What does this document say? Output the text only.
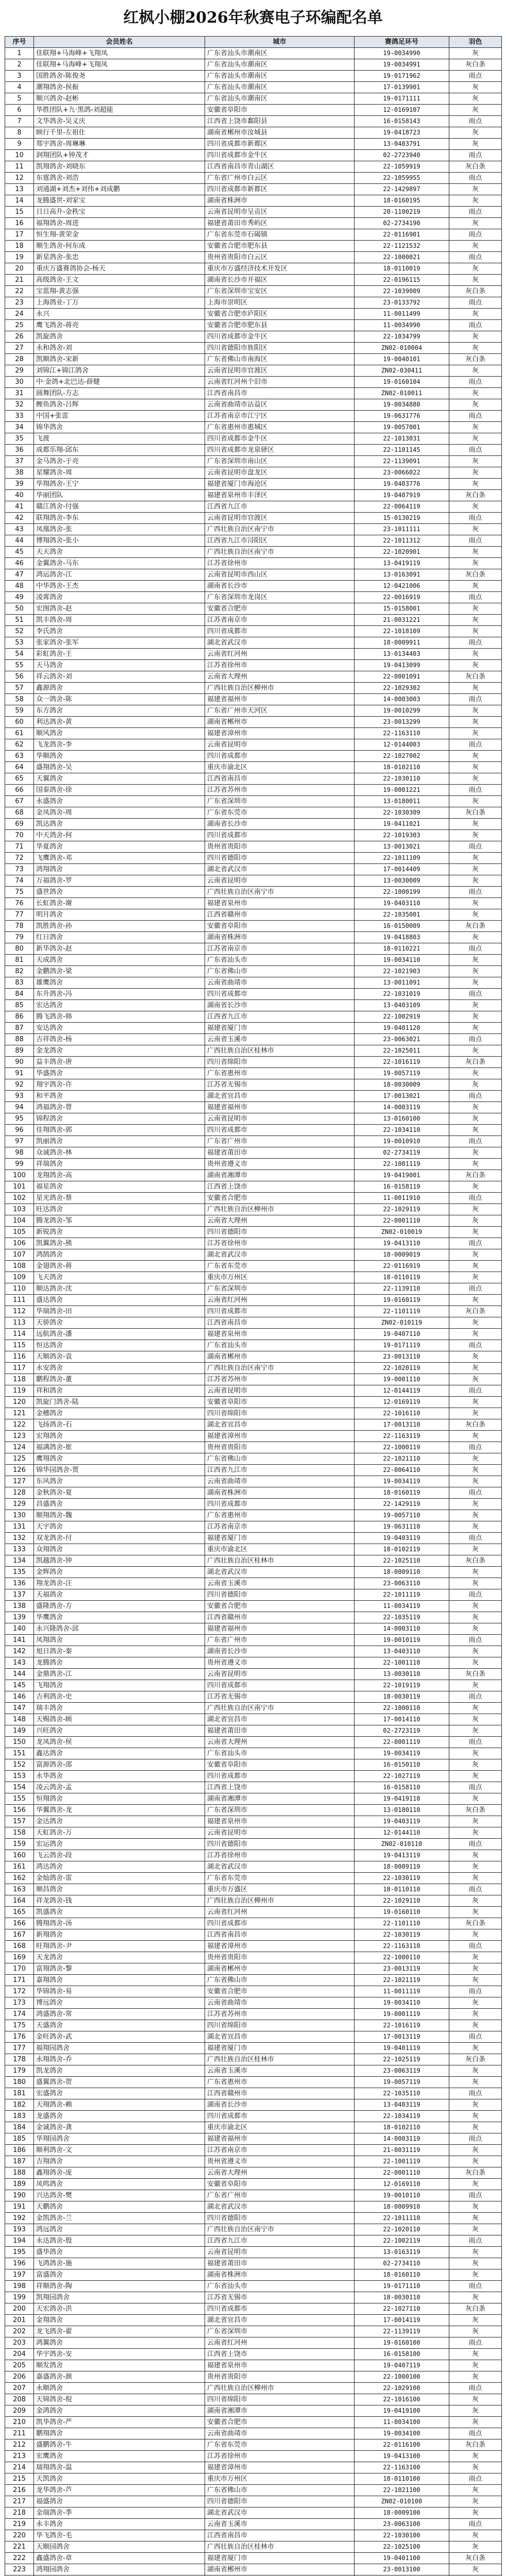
红枫小棚2026年秋赛电子环编配名单
序号	会员姓名	城市	赛鸽足环号	羽色
1	佳联翔+马海峰+飞翔凤	广东省汕头市潮南区	19-0034990	灰
2	佳联翔+马海峰+飞翔凤	广东省汕头市潮南区	19-0034991	灰白条
3	国胜鸽舍-陈俊尧	广东省汕头市潮南区	19-0171962	雨点
4	潮翔鸽舍-侯振	广东省汕头市潮南区	17-0139901	灰
5	顺兴鸽舍-赵彬	广东省汕头市潮南区	19-0171111	灰
6	华胜团队+九·黑鸽-刘超能	安徽省阜阳市	12-0169107	灰
7	文华鸽舍-吴义庆	江西省上饶市鄱阳县	16-0158143	雨点
8	顾行千里-左祖仕	湖南省郴州市汝城县	19-0418723	灰
9	郑宇鸽舍-周琳琳	四川省成都市新都区	13-0403791	灰
10	润翔团队+钟茂才	四川省成都市金牛区	02-2723940	雨点
11	凯翔鸽舍-刘晓东	江西省南昌市青山湖区	22-1059919	灰白条
12	东霆鸽舍-刘浩	广东省广州市白云区	22-1059955	雨点
13	刘通湖+刘杰+刘伟+刘成鹏	四川省成都市新都区	22-1429897	灰
14	龙腾盛世-刘家宝	湖南省株洲市	18-0160195	灰
15	日日高升-金秩宝	云南省昆明市呈贡区	20-1100219	雨点
16	福翔鸽舍-周进	福建省莆田市秀屿区	02-2734190	灰
17	恒生翔-黄荣金	广东省东莞市石碣镇	22-0116901	雨点
18	顺生鸽舍-何东成	安徽省合肥市肥东县	22-1121532	灰
19	新星鸽舍-张忠	贵州省贵阳市白云区	22-1000021	雨点
20	重庆万盛赛鸽协会-杨天	重庆市万盛经济技术开发区	18-0110019	灰
21	高级鸽舍-王文	湖南省长沙市开福区	22-0196115	灰
22	宝蓝翔-黄志强	广东省深圳市宝安区	22-1039009	灰白条
23	上海鸽业-丁万	上海市崇明区	23-0133792	雨点
24	永兴	安徽省合肥市庐阳区	11-0011499	灰
25	鹰飞鸽舍-蒋亮	安徽省合肥市肥东县	11-0034990	雨点
26	凯旋鸽舍	四川省成都市金牛区	22-1034799	灰
27	永和鸽舍-刘	四川省德阳市旌阳区	ZN02-010004	灰
28	凯顺鸽舍-宋新	广东省佛山市南海区	19-0040101	灰白条
29	刘锦江+锦江鸽舍	云南省昆明市官渡区	ZN02-030411	灰
30	中·金鸽+北巴达-薛健	云南省红河州个旧市	19-0160104	雨点
31	圆舞团队-方志	江西省南昌市	ZN02-010011	灰
32	鲤鱼鸽舍-吕辉	云南省曲靖市沾益区	19-0034880	灰
33	中国+张雷	江苏省南京市江宁区	19-0631776	雨点
34	锦华鸽舍	广东省惠州市惠城区	19-0057001	灰
35	飞渡	四川省成都市金牛区	22-1013031	灰
36	成都乐翔-邱东	四川省成都市龙泉驿区	22-1101145	雨点
37	金马鸽舍-于亮	广东省深圳市南山区	22-1139091	灰
38	星耀鸽舍-周	云南省昆明市盘龙区	23-0066022	灰
39	华翔鸽舍-王宁	福建省厦门市海沧区	19-0403776	灰
40	华丽团队	福建省泉州市丰泽区	19-0407919	灰白条
41	赣江鸽舍-付强	江西省九江市	22-0064119	灰
42	联翔鸽舍-李东	云南省昆明市官渡区	15-0130219	雨点
43	凤凰鸽舍-张	广西壮族自治区南宁市	23-1011111	灰
44	博翔鸽舍-张小	江西省九江市浔阳区	22-1011312	雨点
45	天天鸽舍	广西壮族自治区南宁市	22-1020901	灰
46	金翼鸽舍-马东	江苏省徐州市	13-0419119	灰
47	鸿运鸽舍-江	云南省昆明市西山区	13-0163091	灰白条
48	中华鸽舍-王杰	湖南省长沙市	12-0421006	灰
49	凌霄鸽舍	广东省深圳市龙岗区	22-0016919	雨点
50	宏图鸽舍-赵	安徽省合肥市	15-0158001	灰
51	凯丰鸽舍-周	江苏省南京市	21-0031221	灰
52	李氏鸽舍	四川省成都市	22-1018109	灰
53	张家鸽舍-张军	湖北省武汉市	18-0009911	雨点
54	彩虹鸽舍-王	云南省红河州	13-0134403	灰
55	天马鸽舍	江苏省徐州市	19-0413099	灰
56	祥云鸽舍-刘	云南省大理州	22-0001091	灰白条
57	鑫源鸽舍	广西壮族自治区柳州市	22-1029302	灰
58	众一鸽舍-陈	福建省福州市	14-0003003	雨点
59	东方鸽舍	广东省广州市天河区	19-0010299	灰
60	利达鸽舍-黄	湖南省郴州市	23-0013299	灰
61	顺风鸽舍	福建省漳州市	22-1163110	灰
62	飞龙鸽舍-李	云南省昆明市	12-0144003	雨点
63	华顺鸽舍	四川省成都市	22-1027002	灰
64	盛翔鸽舍-吴	重庆市渝北区	18-0102110	灰
65	天翼鸽舍	江西省南昌市	22-1030110	灰
66	国泰鸽舍-徐	江苏省苏州市	19-0001221	雨点
67	永盛鸽舍	广东省深圳市	13-0180011	灰
68	金凤鸽舍-周	广东省东莞市	22-1030309	灰白条
69	凯达鸽舍	湖南省长沙市	19-0411021	灰
70	中天鸽舍-何	四川省成都市	22-1019303	灰
71	华夏鸽舍	贵州省贵阳市	13-0013021	雨点
72	飞鹰鸽舍-邓	四川省德阳市	22-1011109	灰
73	鸿翔鸽舍	湖北省武汉市	17-0014409	灰
74	万福鸽舍-罗	云南省昆明市	13-0030009	灰
75	盛世鸽舍	广西壮族自治区南宁市	22-1000199	雨点
76	长虹鸽舍-谢	福建省泉州市	19-0403110	灰
77	明月鸽舍	江西省赣州市	22-1035001	灰
78	凯胜鸽舍-孙	安徽省阜阳市	16-0150009	灰白条
79	红日鸽舍	湖南省株洲市	19-0418803	灰
80	新华鸽舍-赵	江苏省南京市	18-0110221	雨点
81	天成鸽舍	广东省汕头市	19-0034110	灰
82	金鹏鸽舍-梁	广东省佛山市	22-1021903	灰
83	雄鹰鸽舍	云南省曲靖市	13-0011091	灰
84	东升鸽舍-冯	四川省成都市	22-1031019	雨点
85	宏达鸽舍	湖南省长沙市	13-0403109	灰
86	腾飞鸽舍-韩	江西省九江市	22-1002919	灰
87	安达鸽舍	福建省厦门市	19-0401120	灰
88	吉祥鸽舍-杨	云南省玉溪市	23-0063021	雨点
89	金龙鸽舍	广西壮族自治区桂林市	22-1025011	灰
90	益丰鸽舍-唐	四川省绵阳市	22-1016119	灰白条
91	华盛鸽舍	广东省惠州市	19-0057119	灰
92	翔宇鸽舍-许	江苏省无锡市	18-0030009	灰
93	和平鸽舍	湖北省宜昌市	17-0013021	雨点
94	鸿福鸽舍-曾	福建省福州市	14-0003119	灰
95	锦程鸽舍	云南省昆明市	13-0160100	灰
96	佳翔鸽舍-郭	四川省成都市	22-1034110	灰
97	凯丽鸽舍	广东省广州市	19-0010910	雨点
98	众诚鸽舍-林	福建省莆田市	02-2734119	灰
99	祥瑞鸽舍	贵州省遵义市	22-1001119	灰
100	龙翔鸽舍-高	湖南省湘潭市	19-0419001	灰白条
101	福星鸽舍	江西省上饶市	16-0158119	灰
102	星光鸽舍-蔡	安徽省合肥市	11-0011910	雨点
103	旺达鸽舍	广西壮族自治区柳州市	22-1029119	灰
104	腾龙鸽舍-邹	云南省大理州	22-0001110	灰
105	新锐鸽舍	四川省德阳市	ZN02-010019	灰
106	凯翼鸽舍-熊	江苏省徐州市	19-0413110	雨点
107	鸿鹄鸽舍	湖北省武汉市	18-0009019	灰
108	金翅鸽舍-蒋	广东省东莞市	22-0116919	灰
109	飞天鸽舍	重庆市万州区	18-0110119	灰
110	顺达鸽舍-沈	广东省深圳市	22-1139110	雨点
111	盛达鸽舍	云南省红河州	19-0160119	灰
112	华瑞鸽舍-田	四川省成都市	22-1101119	灰白条
113	天骄鸽舍	江西省南昌市	ZN02-010119	灰
114	远航鸽舍-潘	福建省泉州市	19-0407110	灰
115	恒达鸽舍	广东省汕头市	19-0171119	雨点
116	天顺鸽舍-袁	湖南省郴州市	23-0013110	灰
117	永安鸽舍	广西壮族自治区南宁市	22-1020119	灰
118	鹏程鸽舍-董	江苏省苏州市	19-0001110	灰
119	祥和鸽舍	云南省昆明市	12-0144119	雨点
120	凯旋门鸽舍-陆	安徽省阜阳市	12-0169119	灰
121	金穗鸽舍	四川省绵阳市	22-1016110	灰
122	飞扬鸽舍-石	湖北省宜昌市	17-0013110	灰白条
123	宏翔鸽舍	福建省漳州市	22-1163119	灰
124	福满鸽舍-崔	贵州省贵阳市	22-1000119	雨点
125	鹰翔鸽舍	广东省佛山市	22-1021110	灰
126	锦华园鸽舍-贾	江西省九江市	22-0064110	灰
127	东风鸽舍	云南省曲靖市	19-0034119	灰
128	金秋鸽舍-夏	湖南省株洲市	18-0160119	雨点
129	昌盛鸽舍	四川省成都市	22-1429119	灰
130	顺翔鸽舍-魏	广东省惠州市	19-0057110	灰
131	天宇鸽舍	江苏省南京市	19-0631110	灰
132	双龙鸽舍-付	福建省厦门市	19-0403119	雨点
133	众翔鸽舍	重庆市渝北区	18-0102119	灰
134	凯越鸽舍-钟	广西壮族自治区桂林市	22-1025110	灰白条
135	金辉鸽舍	湖北省武汉市	18-0009110	灰
136	翔龙鸽舍-汪	云南省玉溪市	23-0063110	灰
137	天福鸽舍	四川省德阳市	22-1011119	雨点
138	盛隆鸽舍-方	安徽省合肥市	11-0034119	灰
139	华鹰鸽舍	江西省赣州市	22-1035119	灰
140	永兴隆鸽舍-邱	福建省福州市	14-0003110	灰
141	凤翔鸽舍	广东省广州市	19-0010119	雨点
142	旭日鸽舍-秦	湖南省长沙市	13-0403110	灰
143	龙腾鸽舍	贵州省遵义市	22-1001110	灰
144	金鼎鸽舍-江	云南省昆明市	13-0030110	灰白条
145	飞翔鸽舍	四川省成都市	22-1019119	灰
146	吉利鸽舍-史	江苏省无锡市	18-0030119	雨点
147	瑞丰鸽舍	广西壮族自治区南宁市	22-1000110	灰
148	天赐鸽舍-顾	湖北省宜昌市	17-0014110	灰
149	兴旺鸽舍	福建省莆田市	02-2723119	灰
150	龙凤鸽舍-侯	云南省大理州	22-0001119	雨点
151	鑫达鸽舍	广东省汕头市	19-0034119	灰
152	富源鸽舍-邵	安徽省阜阳市	16-0150110	灰
153	永华鸽舍	四川省成都市	22-1027119	灰
154	凌云鸽舍-孟	江西省上饶市	16-0158110	雨点
155	恒翔鸽舍	湖南省湘潭市	19-0419110	灰
156	华翼鸽舍-龙	广东省深圳市	13-0180110	灰白条
157	金达鸽舍	福建省泉州市	19-0403119	灰
158	天虹鸽舍-万	云南省昆明市	12-0144110	灰
159	宏运鸽舍	四川省德阳市	ZN02-010110	雨点
160	飞云鸽舍-段	江苏省徐州市	19-0413119	灰
161	鸿达鸽舍	湖北省武汉市	18-0009119	灰
162	金灿鸽舍-雷	广东省东莞市	22-1030119	灰
163	顺昌鸽舍	重庆市万盛区	18-0110110	雨点
164	祥龙鸽舍-钱	广西壮族自治区柳州市	22-1029110	灰
165	凯盛鸽舍	云南省红河州	19-0160110	灰
166	腾翔鸽舍-汤	四川省成都市	22-1101110	灰白条
167	新翔鸽舍	江西省南昌市	22-1030119	灰
168	旺翔鸽舍-尹	福建省漳州市	22-1163110	雨点
169	天龙鸽舍	贵州省贵阳市	22-1000110	灰
170	富翔鸽舍-黎	湖南省郴州市	23-0013119	灰
171	嘉翔鸽舍	广东省佛山市	22-1021119	灰
172	华锦鸽舍-易	安徽省合肥市	11-0011119	雨点
173	博远鸽舍	云南省曲靖市	19-0034110	灰
174	鸿盛鸽舍-常	江苏省苏州市	19-0001119	灰
175	天盛鸽舍	四川省绵阳市	22-1016119	灰
176	金旺鸽舍-武	湖北省宜昌市	17-0013119	雨点
177	福翔园鸽舍	福建省厦门市	19-0401119	灰
178	永翔鸽舍-乔	广西壮族自治区桂林市	22-1025119	灰白条
179	凯龙鸽舍	云南省玉溪市	23-0063119	灰
180	盛翼鸽舍-贺	广东省惠州市	19-0057119	灰
181	宏盛鸽舍	江西省赣州市	22-1035110	雨点
182	天翔鸽舍-赖	湖南省长沙市	13-0403119	灰
183	龙盛鸽舍	四川省成都市	22-1034119	灰
184	金诚鸽舍-龚	重庆市渝北区	18-0102110	灰
185	华翔园鸽舍	福建省福州市	14-0003119	雨点
186	顺利鸽舍-文	江苏省南京市	21-0031119	灰
187	吉翔鸽舍	贵州省遵义市	22-1001119	灰
188	鑫翔鸽舍-庞	云南省大理州	22-0001110	灰白条
189	凤鸣鸽舍	安徽省阜阳市	12-0169110	灰
190	兴达鸽舍-樊	广东省广州市	19-0010110	雨点
191	天鹏鸽舍	湖北省武汉市	18-0009910	灰
192	金凯鸽舍-兰	四川省德阳市	22-1011110	灰
193	鸿远鸽舍	广西壮族自治区南宁市	22-1020110	灰
194	永达鸽舍-殷	江西省九江市	22-1002119	雨点
195	盛华鸽舍	云南省昆明市	13-0163119	灰
196	飞鸿鸽舍-施	福建省莆田市	02-2734110	灰
197	富盛鸽舍	湖南省株洲市	18-0160110	灰
198	祥顺鸽舍-陶	广东省汕头市	19-0171110	雨点
199	凯翔园鸽舍	江苏省无锡市	18-0030110	灰
200	天宏鸽舍-洪	四川省成都市	22-1027110	灰白条
201	金翔鸽舍	湖北省宜昌市	17-0014119	灰
202	龙飞鸽舍-翟	广东省深圳市	22-1139119	灰
203	鸿翼鸽舍	云南省红河州	19-0160100	雨点
204	华宇鸽舍-安	江西省上饶市	16-0158100	灰
205	顺发鸽舍	福建省泉州市	19-0407119	灰
206	嘉盛鸽舍-颜	贵州省贵阳市	22-1000100	灰
207	永顺鸽舍	广西壮族自治区柳州市	22-1029100	雨点
208	天锦鸽舍-倪	四川省绵阳市	22-1016100	灰
209	金鸿鸽舍	湖南省湘潭市	19-0419100	灰
210	凯华鸽舍-严	安徽省合肥市	11-0034100	灰
211	鹏翔鸽舍	云南省曲靖市	19-0034100	雨点
212	盛鹏鸽舍-牛	广东省东莞市	22-0116100	灰白条
213	宏鹰鸽舍	江苏省徐州市	19-0413100	灰
214	瑞翔鸽舍-温	福建省漳州市	22-1163100	灰
215	天凯鸽舍	重庆市万州区	18-0110100	雨点
216	龙华鸽舍-芦	广东省佛山市	22-1021100	灰
217	福盛鸽舍	四川省德阳市	ZN02-010100	灰
218	金瑞鸽舍-季	湖北省武汉市	18-0009100	灰
219	永丰鸽舍	云南省玉溪市	23-0063100	雨点
220	华飞鸽舍-毛	江西省南昌市	22-1030100	灰
221	天顺园鸽舍	广西壮族自治区桂林市	22-1025100	灰
222	鑫盛鸽舍-章	福建省厦门市	19-0401100	灰白条
223	鸿翔园鸽舍	湖南省郴州市	23-0013100	灰
